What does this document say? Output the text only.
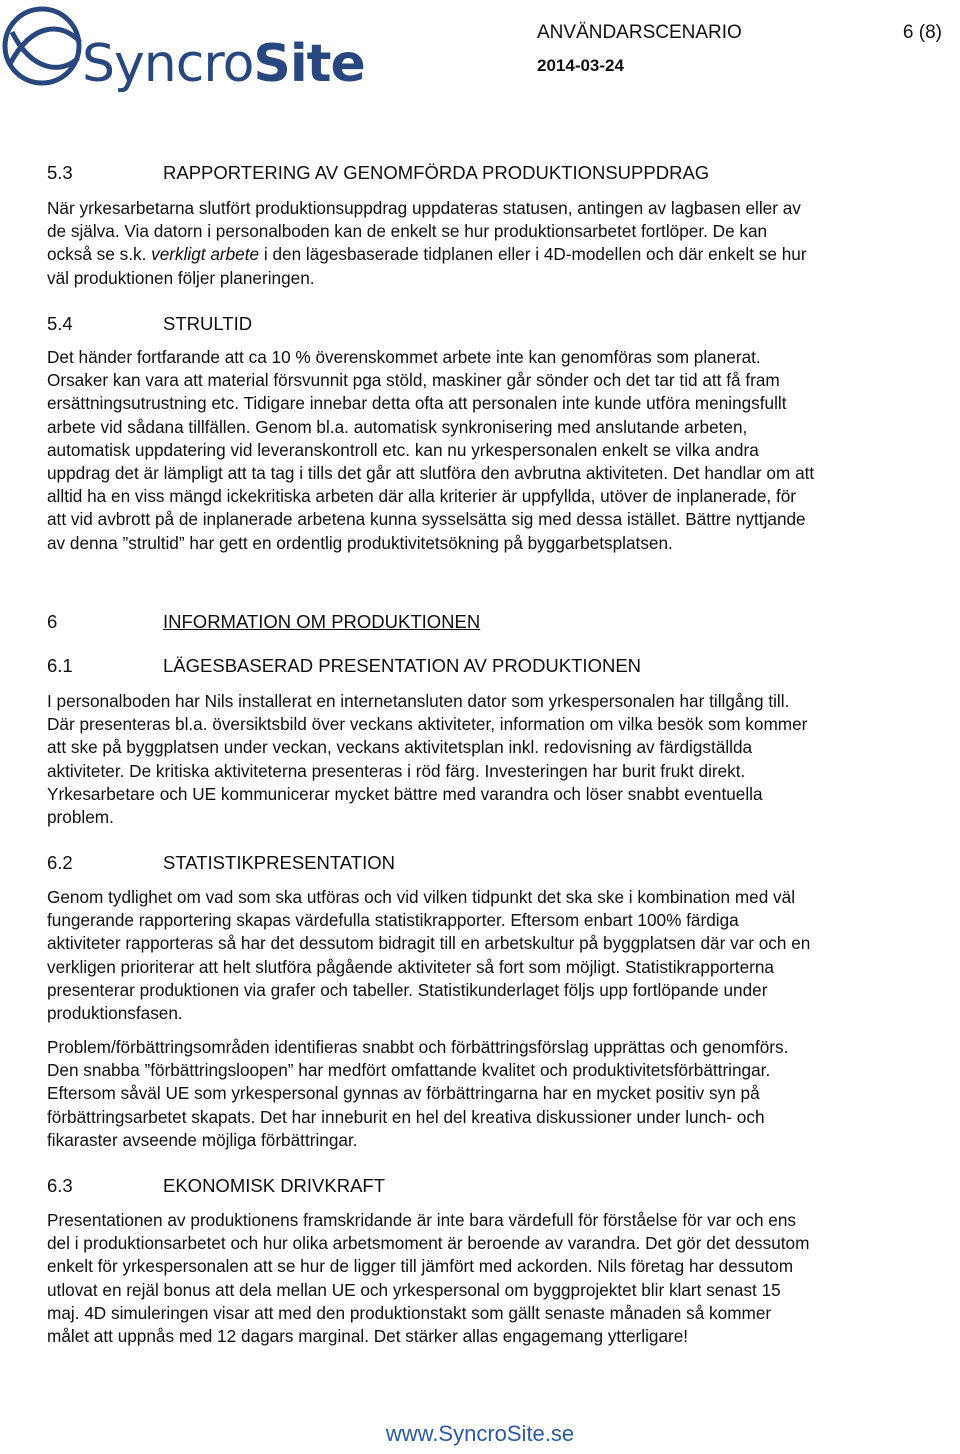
SyncroSite
ANVÄNDARSCENARIO
2014-03-24
6 (8)
5.3	RAPPORTERING AV GENOMFÖRDA PRODUKTIONSUPPDRAG
När yrkesarbetarna slutfört produktionsuppdrag uppdateras statusen, antingen av lagbasen eller av
de själva. Via datorn i personalboden kan de enkelt se hur produktionsarbetet fortlöper. De kan
också se s.k. verkligt arbete i den lägesbaserade tidplanen eller i 4D-modellen och där enkelt se hur
väl produktionen följer planeringen.
5.4	STRULTID
Det händer fortfarande att ca 10 % överenskommet arbete inte kan genomföras som planerat.
Orsaker kan vara att material försvunnit pga stöld, maskiner går sönder och det tar tid att få fram
ersättningsutrustning etc. Tidigare innebar detta ofta att personalen inte kunde utföra meningsfullt
arbete vid sådana tillfällen. Genom bl.a. automatisk synkronisering med anslutande arbeten,
automatisk uppdatering vid leveranskontroll etc. kan nu yrkespersonalen enkelt se vilka andra
uppdrag det är lämpligt att ta tag i tills det går att slutföra den avbrutna aktiviteten. Det handlar om att
alltid ha en viss mängd ickekritiska arbeten där alla kriterier är uppfyllda, utöver de inplanerade, för
att vid avbrott på de inplanerade arbetena kunna sysselsätta sig med dessa istället. Bättre nyttjande
av denna ”strultid” har gett en ordentlig produktivitetsökning på byggarbetsplatsen.
6	INFORMATION OM PRODUKTIONEN
6.1	LÄGESBASERAD PRESENTATION AV PRODUKTIONEN
I personalboden har Nils installerat en internetansluten dator som yrkespersonalen har tillgång till.
Där presenteras bl.a. översiktsbild över veckans aktiviteter, information om vilka besök som kommer
att ske på byggplatsen under veckan, veckans aktivitetsplan inkl. redovisning av färdigställda
aktiviteter. De kritiska aktiviteterna presenteras i röd färg. Investeringen har burit frukt direkt.
Yrkesarbetare och UE kommunicerar mycket bättre med varandra och löser snabbt eventuella
problem.
6.2	STATISTIKPRESENTATION
Genom tydlighet om vad som ska utföras och vid vilken tidpunkt det ska ske i kombination med väl
fungerande rapportering skapas värdefulla statistikrapporter. Eftersom enbart 100% färdiga
aktiviteter rapporteras så har det dessutom bidragit till en arbetskultur på byggplatsen där var och en
verkligen prioriterar att helt slutföra pågående aktiviteter så fort som möjligt. Statistikrapporterna
presenterar produktionen via grafer och tabeller. Statistikunderlaget följs upp fortlöpande under
produktionsfasen.
Problem/förbättringsområden identifieras snabbt och förbättringsförslag upprättas och genomförs.
Den snabba ”förbättringsloopen” har medfört omfattande kvalitet och produktivitetsförbättringar.
Eftersom såväl UE som yrkespersonal gynnas av förbättringarna har en mycket positiv syn på
förbättringsarbetet skapats. Det har inneburit en hel del kreativa diskussioner under lunch- och
fikaraster avseende möjliga förbättringar.
6.3	EKONOMISK DRIVKRAFT
Presentationen av produktionens framskridande är inte bara värdefull för förståelse för var och ens
del i produktionsarbetet och hur olika arbetsmoment är beroende av varandra. Det gör det dessutom
enkelt för yrkespersonalen att se hur de ligger till jämfört med ackorden. Nils företag har dessutom
utlovat en rejäl bonus att dela mellan UE och yrkespersonal om byggprojektet blir klart senast 15
maj. 4D simuleringen visar att med den produktionstakt som gällt senaste månaden så kommer
målet att uppnås med 12 dagars marginal. Det stärker allas engagemang ytterligare!
www.SyncroSite.se
